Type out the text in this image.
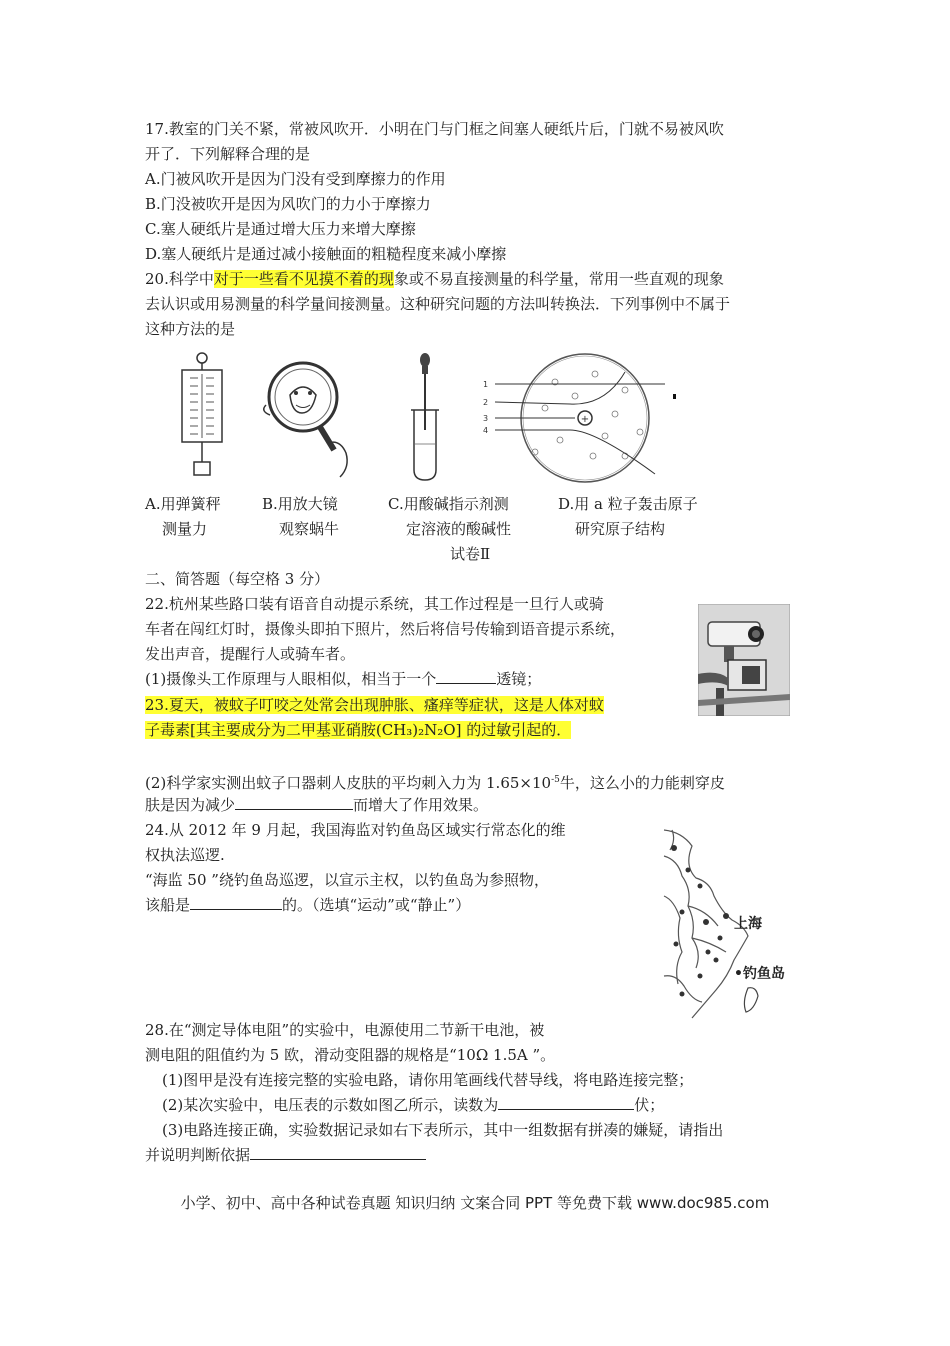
17.教室的门关不紧，常被风吹开．小明在门与门框之间塞人硬纸片后，门就不易被风吹
开了．下列解释合理的是
A.门被风吹开是因为门没有受到摩擦力的作用
B.门没被吹开是因为风吹门的力小于摩擦力
C.塞人硬纸片是通过增大压力来增大摩擦
D.塞人硬纸片是通过减小接触面的粗糙程度来减小摩擦
20.科学中对于一些看不见摸不着的现象或不易直接测量的科学量，常用一些直观的现象
去认识或用易测量的科学量间接测量。这种研究问题的方法叫转换法．下列事例中不属于
这种方法的是
+
1
2
3
4
A.用弹簧秤
测量力
B.用放大镜
观察蜗牛
C.用酸碱指示剂测
定溶液的酸碱性
D.用 a 粒子轰击原子
研究原子结构
试卷Ⅱ
二、简答题（每空格 3 分）
22.杭州某些路口装有语音自动提示系统，其工作过程是一旦行人或骑
车者在闯红灯时，摄像头即拍下照片，然后将信号传输到语音提示系统，
发出声音，提醒行人或骑车者。
(1)摄像头工作原理与人眼相似，相当于一个	透镜；
23.夏天，被蚊子叮咬之处常会出现肿胀、瘙痒等症状，这是人体对蚊
子毒素[其主要成分为二甲基亚硝胺(CH₃)₂N₂O] 的过敏引起的．
(2)科学家实测出蚊子口器刺人皮肤的平均刺入力为 $1.65\times 10^{-5}$牛，这么小的力能刺穿皮
肤是因为减少	而增大了作用效果。
24.从 2012 年 9 月起，我国海监对钓鱼岛区域实行常态化的维
权执法巡逻.
“海监 50 ”绕钓鱼岛巡逻，以宣示主权，以钓鱼岛为参照物，
该船是	的。（选填“运动”或“静止”）
上海
•钓鱼岛
28.在“测定导体电阻”的实验中，电源使用二节新干电池，被
测电阻的阻值约为 5 欧，滑动变阻器的规格是“10Ω 1.5A ”。
(1)图甲是没有连接完整的实验电路，请你用笔画线代替导线，将电路连接完整；
(2)某次实验中，电压表的示数如图乙所示，读数为	伏；
(3)电路连接正确，实验数据记录如右下表所示，其中一组数据有拼凑的嫌疑，请指出
并说明判断依据
小学、初中、高中各种试卷真题 知识归纳 文案合同 PPT 等免费下载 www.doc985.com
